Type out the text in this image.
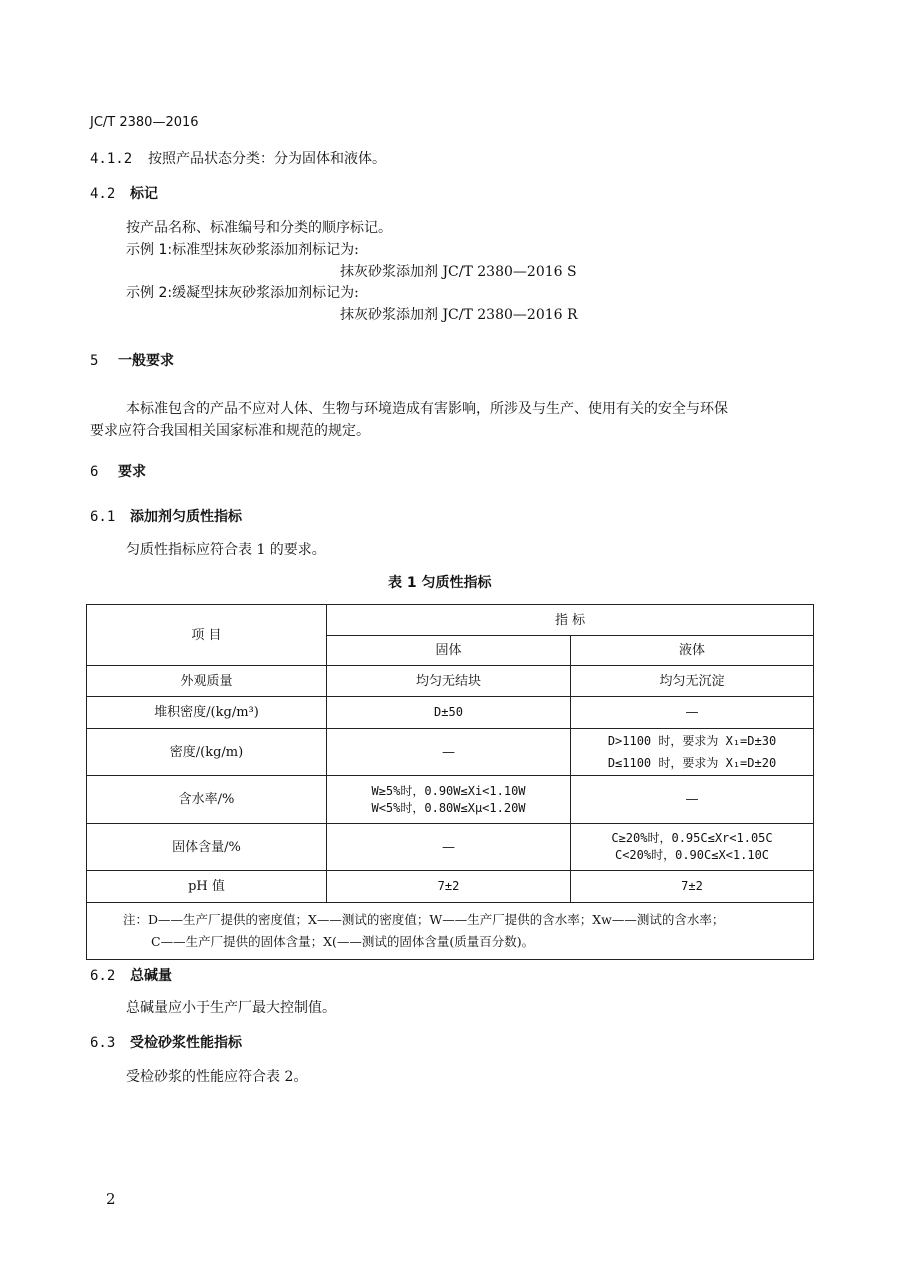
JC/T 2380—2016
4.1.2 按照产品状态分类：分为固体和液体。
4.2 标记
按产品名称、标准编号和分类的顺序标记。
示例 1:标准型抹灰砂浆添加剂标记为:
抹灰砂浆添加剂 JC/T 2380—2016 S
示例 2:缓凝型抹灰砂浆添加剂标记为:
抹灰砂浆添加剂 JC/T 2380—2016 R
5 一般要求
本标准包含的产品不应对人体、生物与环境造成有害影响，所涉及与生产、使用有关的安全与环保
要求应符合我国相关国家标准和规范的规定。
6 要求
6.1 添加剂匀质性指标
匀质性指标应符合表 1 的要求。
表 1 匀质性指标
项 目	指 标	
	固体	液体
外观质量	均匀无结块	均匀无沉淀
堆积密度/(kg/m³)	D±50	—
密度/(kg/m)	—	D>1100 时，要求为 X₁=D±30
D≤1100 时，要求为 X₁=D±20

含水率/%	W≥5%时，0.90W≤Xi<1.10W
W<5%时，0.80W≤Xμ<1.20W	—
固体含量/%	—	C≥20%时，0.95C≤Xr<1.05C
C<20%时，0.90C≤X<1.10C

pH 值	7±2	7±2

注：D——生产厂提供的密度值；X——测试的密度值；W——生产厂提供的含水率；Xw——测试的含水率；
C——生产厂提供的固体含量；X(——测试的固体含量(质量百分数)。		
6.2 总碱量
总碱量应小于生产厂最大控制值。
6.3 受检砂浆性能指标
受检砂浆的性能应符合表 2。
2
